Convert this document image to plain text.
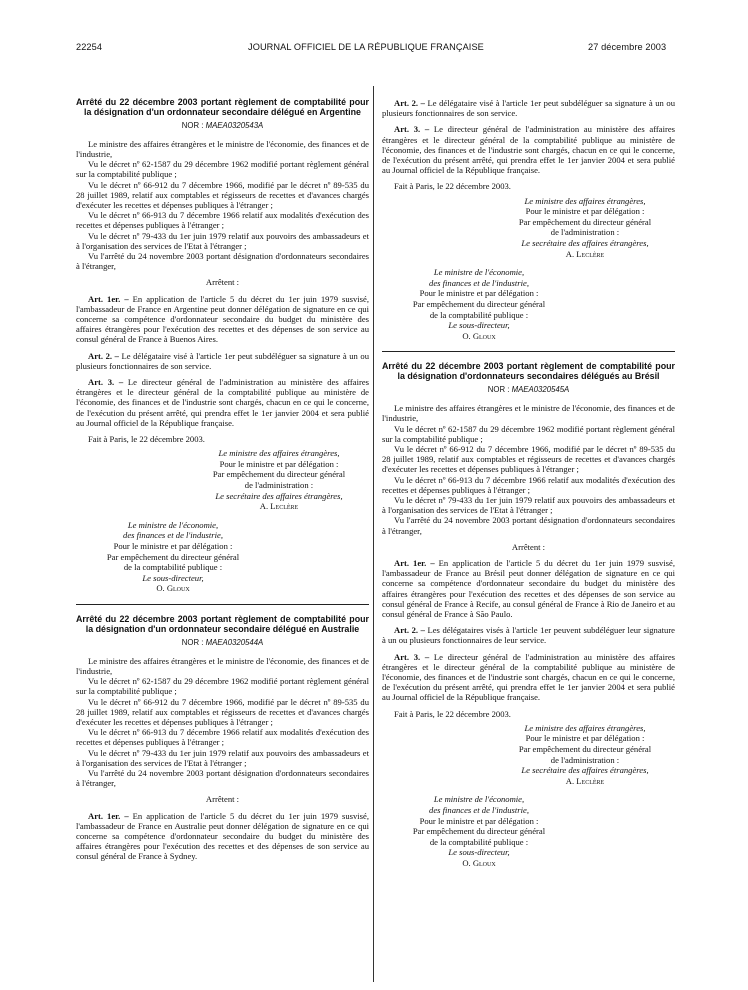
22254	JOURNAL OFFICIEL DE LA RÉPUBLIQUE FRANÇAISE	27 décembre 2003

Arrêté du 22 décembre 2003 portant règlement de comptabilité pour la désignation d'un ordonnateur secondaire délégué en Argentine

NOR : MAEA0320543A

Le ministre des affaires étrangères et le ministre de l'économie, des finances et de l'industrie,

Vu le décret nº 62-1587 du 29 décembre 1962 modifié portant règlement général sur la comptabilité publique ;

Vu le décret nº 66-912 du 7 décembre 1966, modifié par le décret nº 89-535 du 28 juillet 1989, relatif aux comptables et régisseurs de recettes et d'avances chargés d'exécuter les recettes et dépenses publiques à l'étranger ;

Vu le décret nº 66-913 du 7 décembre 1966 relatif aux modalités d'exécution des recettes et dépenses publiques à l'étranger ;

Vu le décret nº 79-433 du 1er juin 1979 relatif aux pouvoirs des ambassadeurs et à l'organisation des services de l'Etat à l'étranger ;

Vu l'arrêté du 24 novembre 2003 portant désignation d'ordonnateurs secondaires à l'étranger,

Arrêtent :

Art. 1er. – En application de l'article 5 du décret du 1er juin 1979 susvisé, l'ambassadeur de France en Argentine peut donner délégation de signature en ce qui concerne sa compétence d'ordonnateur secondaire du budget du ministère des affaires étrangères pour l'exécution des recettes et des dépenses de son service au consul général de France à Buenos Aires.

Art. 2. – Le délégataire visé à l'article 1er peut subdéléguer sa signature à un ou plusieurs fonctionnaires de son service.

Art. 3. – Le directeur général de l'administration au ministère des affaires étrangères et le directeur général de la comptabilité publique au ministère de l'économie, des finances et de l'industrie sont chargés, chacun en ce qui le concerne, de l'exécution du présent arrêté, qui prendra effet le 1er janvier 2004 et sera publié au Journal officiel de la République française.

Fait à Paris, le 22 décembre 2003.

Le ministre des affaires étrangères,

Pour le ministre et par délégation :

Par empêchement du directeur général

de l'administration :

Le secrétaire des affaires étrangères,

A. Leclère

Le ministre de l'économie,

des finances et de l'industrie,

Pour le ministre et par délégation :

Par empêchement du directeur général

de la comptabilité publique :

Le sous-directeur,

O. Gloux

Arrêté du 22 décembre 2003 portant règlement de comptabilité pour la désignation d'un ordonnateur secondaire délégué en Australie

NOR : MAEA0320544A

Le ministre des affaires étrangères et le ministre de l'économie, des finances et de l'industrie,

Vu le décret nº 62-1587 du 29 décembre 1962 modifié portant règlement général sur la comptabilité publique ;

Vu le décret nº 66-912 du 7 décembre 1966, modifié par le décret nº 89-535 du 28 juillet 1989, relatif aux comptables et régisseurs de recettes et d'avances chargés d'exécuter les recettes et dépenses publiques à l'étranger ;

Vu le décret nº 66-913 du 7 décembre 1966 relatif aux modalités d'exécution des recettes et dépenses publiques à l'étranger ;

Vu le décret nº 79-433 du 1er juin 1979 relatif aux pouvoirs des ambassadeurs et à l'organisation des services de l'Etat à l'étranger ;

Vu l'arrêté du 24 novembre 2003 portant désignation d'ordonnateurs secondaires à l'étranger,

Arrêtent :

Art. 1er. – En application de l'article 5 du décret du 1er juin 1979 susvisé, l'ambassadeur de France en Australie peut donner délégation de signature en ce qui concerne sa compétence d'ordonnateur secondaire du budget du ministère des affaires étrangères pour l'exécution des recettes et des dépenses de son service au consul général de France à Sydney.

Art. 2. – Le délégataire visé à l'article 1er peut subdéléguer sa signature à un ou plusieurs fonctionnaires de son service.

Art. 3. – Le directeur général de l'administration au ministère des affaires étrangères et le directeur général de la comptabilité publique au ministère de l'économie, des finances et de l'industrie sont chargés, chacun en ce qui le concerne, de l'exécution du présent arrêté, qui prendra effet le 1er janvier 2004 et sera publié au Journal officiel de la République française.

Fait à Paris, le 22 décembre 2003.

Le ministre des affaires étrangères,

Pour le ministre et par délégation :

Par empêchement du directeur général

de l'administration :

Le secrétaire des affaires étrangères,

A. Leclère

Le ministre de l'économie,

des finances et de l'industrie,

Pour le ministre et par délégation :

Par empêchement du directeur général

de la comptabilité publique :

Le sous-directeur,

O. Gloux

Arrêté du 22 décembre 2003 portant règlement de comptabilité pour la désignation d'ordonnateurs secondaires délégués au Brésil

NOR : MAEA0320545A

Le ministre des affaires étrangères et le ministre de l'économie, des finances et de l'industrie,

Vu le décret nº 62-1587 du 29 décembre 1962 modifié portant règlement général sur la comptabilité publique ;

Vu le décret nº 66-912 du 7 décembre 1966, modifié par le décret nº 89-535 du 28 juillet 1989, relatif aux comptables et régisseurs de recettes et d'avances chargés d'exécuter les recettes et dépenses publiques à l'étranger ;

Vu le décret nº 66-913 du 7 décembre 1966 relatif aux modalités d'exécution des recettes et dépenses publiques à l'étranger ;

Vu le décret nº 79-433 du 1er juin 1979 relatif aux pouvoirs des ambassadeurs et à l'organisation des services de l'Etat à l'étranger ;

Vu l'arrêté du 24 novembre 2003 portant désignation d'ordonnateurs secondaires à l'étranger,

Arrêtent :

Art. 1er. – En application de l'article 5 du décret du 1er juin 1979 susvisé, l'ambassadeur de France au Brésil peut donner délégation de signature en ce qui concerne sa compétence d'ordonnateur secondaire du budget du ministère des affaires étrangères pour l'exécution des recettes et des dépenses de son service au consul général de France à Recife, au consul général de France à Rio de Janeiro et au consul général de France à São Paulo.

Art. 2. – Les délégataires visés à l'article 1er peuvent subdéléguer leur signature à un ou plusieurs fonctionnaires de leur service.

Art. 3. – Le directeur général de l'administration au ministère des affaires étrangères et le directeur général de la comptabilité publique au ministère de l'économie, des finances et de l'industrie sont chargés, chacun en ce qui le concerne, de l'exécution du présent arrêté, qui prendra effet le 1er janvier 2004 et sera publié au Journal officiel de la République française.

Fait à Paris, le 22 décembre 2003.

Le ministre des affaires étrangères,

Pour le ministre et par délégation :

Par empêchement du directeur général

de l'administration :

Le secrétaire des affaires étrangères,

A. Leclère

Le ministre de l'économie,

des finances et de l'industrie,

Pour le ministre et par délégation :

Par empêchement du directeur général

de la comptabilité publique :

Le sous-directeur,

O. Gloux
